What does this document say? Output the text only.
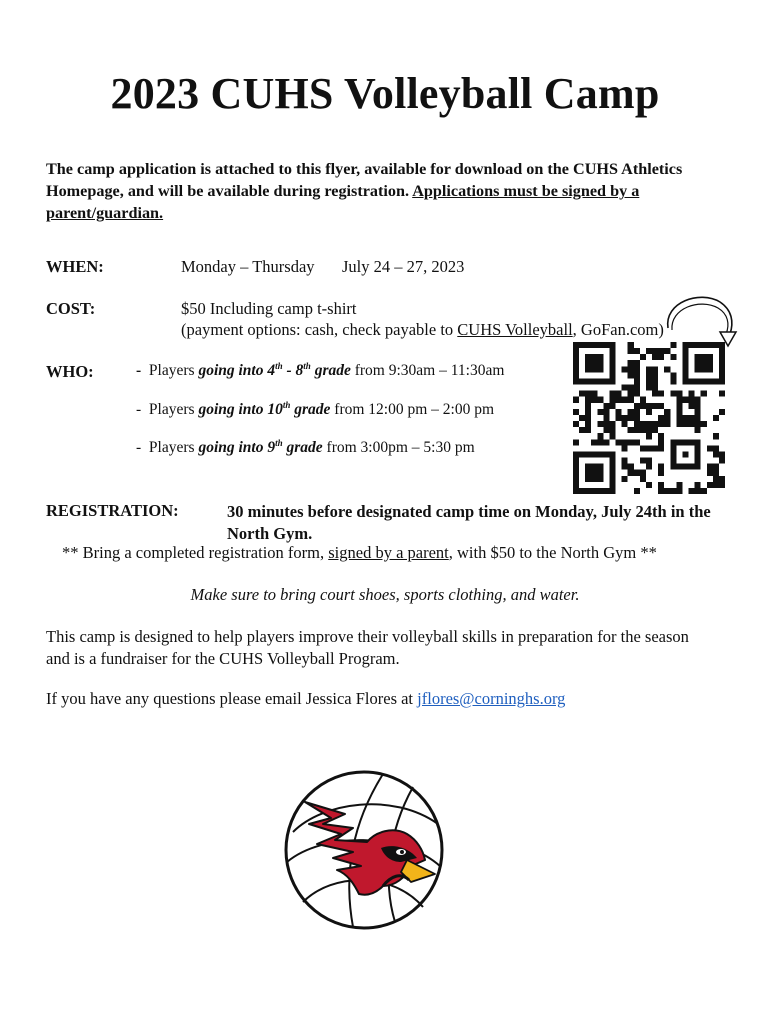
2023 CUHS Volleyball Camp
The camp application is attached to this flyer, available for download on the CUHS Athletics Homepage, and will be available during registration. Applications must be signed by a parent/guardian.
WHEN:	Monday – Thursday July 24 – 27, 2023
COST:	$50 Including camp t-shirt
(payment options: cash, check payable to CUHS Volleyball, GoFan.com)
WHO:	- Players going into 4th - 8th grade from 9:30am – 11:30am
- Players going into 10th grade from 12:00 pm – 2:00 pm
- Players going into 9th grade from 3:00pm – 5:30 pm
REGISTRATION:	30 minutes before designated camp time on Monday, July 24th in the North Gym.
** Bring a completed registration form, signed by a parent, with $50 to the North Gym **
Make sure to bring court shoes, sports clothing, and water.
This camp is designed to help players improve their volleyball skills in preparation for the season and is a fundraiser for the CUHS Volleyball Program.
If you have any questions please email Jessica Flores at jflores@corninghs.org
